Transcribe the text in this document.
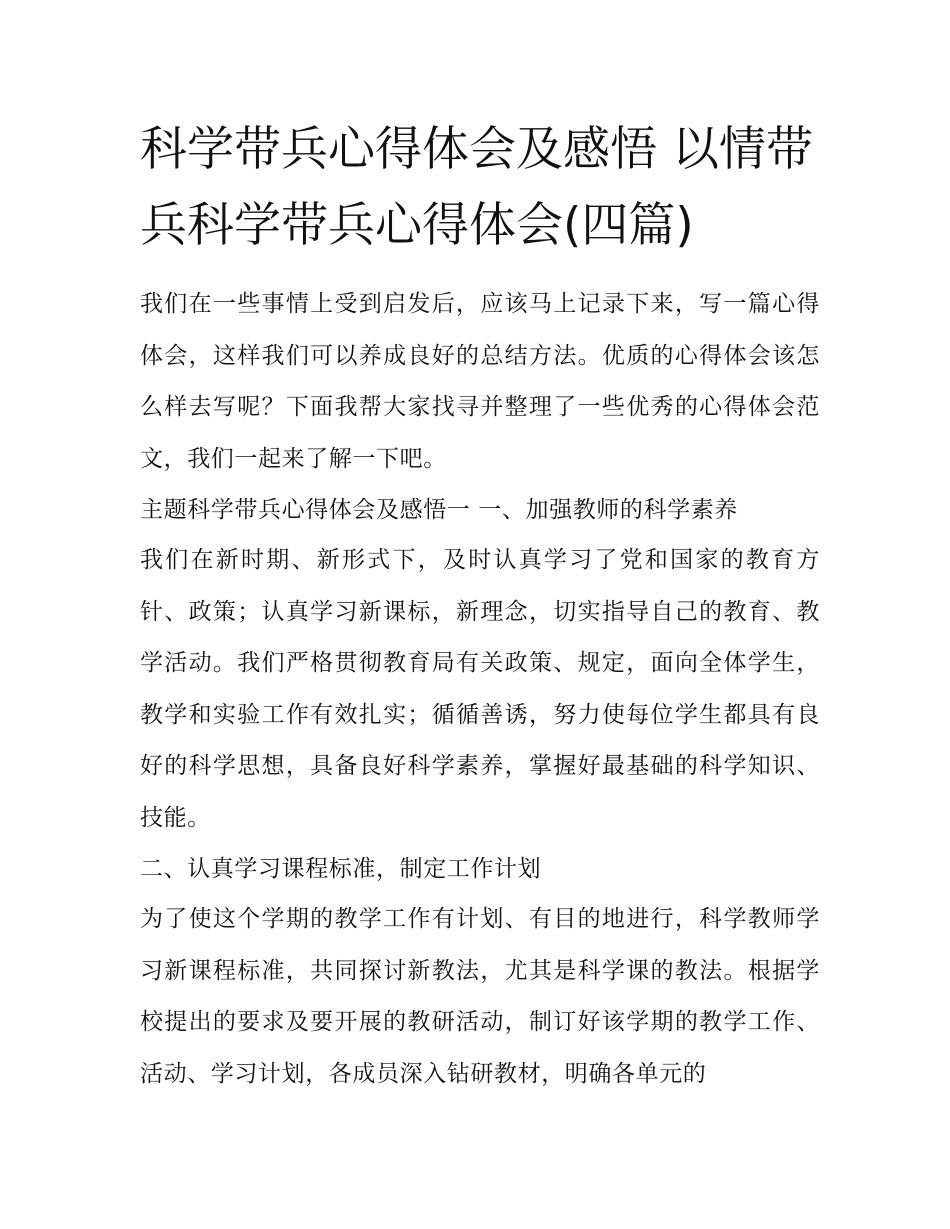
科学带兵心得体会及感悟 以情带兵科学带兵心得体会(四篇)

我们在一些事情上受到启发后，应该马上记录下来，写一篇心得体会，这样我们可以养成良好的总结方法。优质的心得体会该怎么样去写呢？下面我帮大家找寻并整理了一些优秀的心得体会范文，我们一起来了解一下吧。

主题科学带兵心得体会及感悟一 一、加强教师的科学素养

我们在新时期、新形式下，及时认真学习了党和国家的教育方针、政策；认真学习新课标，新理念，切实指导自己的教育、教学活动。我们严格贯彻教育局有关政策、规定，面向全体学生，教学和实验工作有效扎实；循循善诱，努力使每位学生都具有良好的科学思想，具备良好科学素养，掌握好最基础的科学知识、技能。

二、认真学习课程标准，制定工作计划

为了使这个学期的教学工作有计划、有目的地进行，科学教师学习新课程标准，共同探讨新教法，尤其是科学课的教法。根据学校提出的要求及要开展的教研活动，制订好该学期的教学工作、活动、学习计划，各成员深入钻研教材，明确各单元的
